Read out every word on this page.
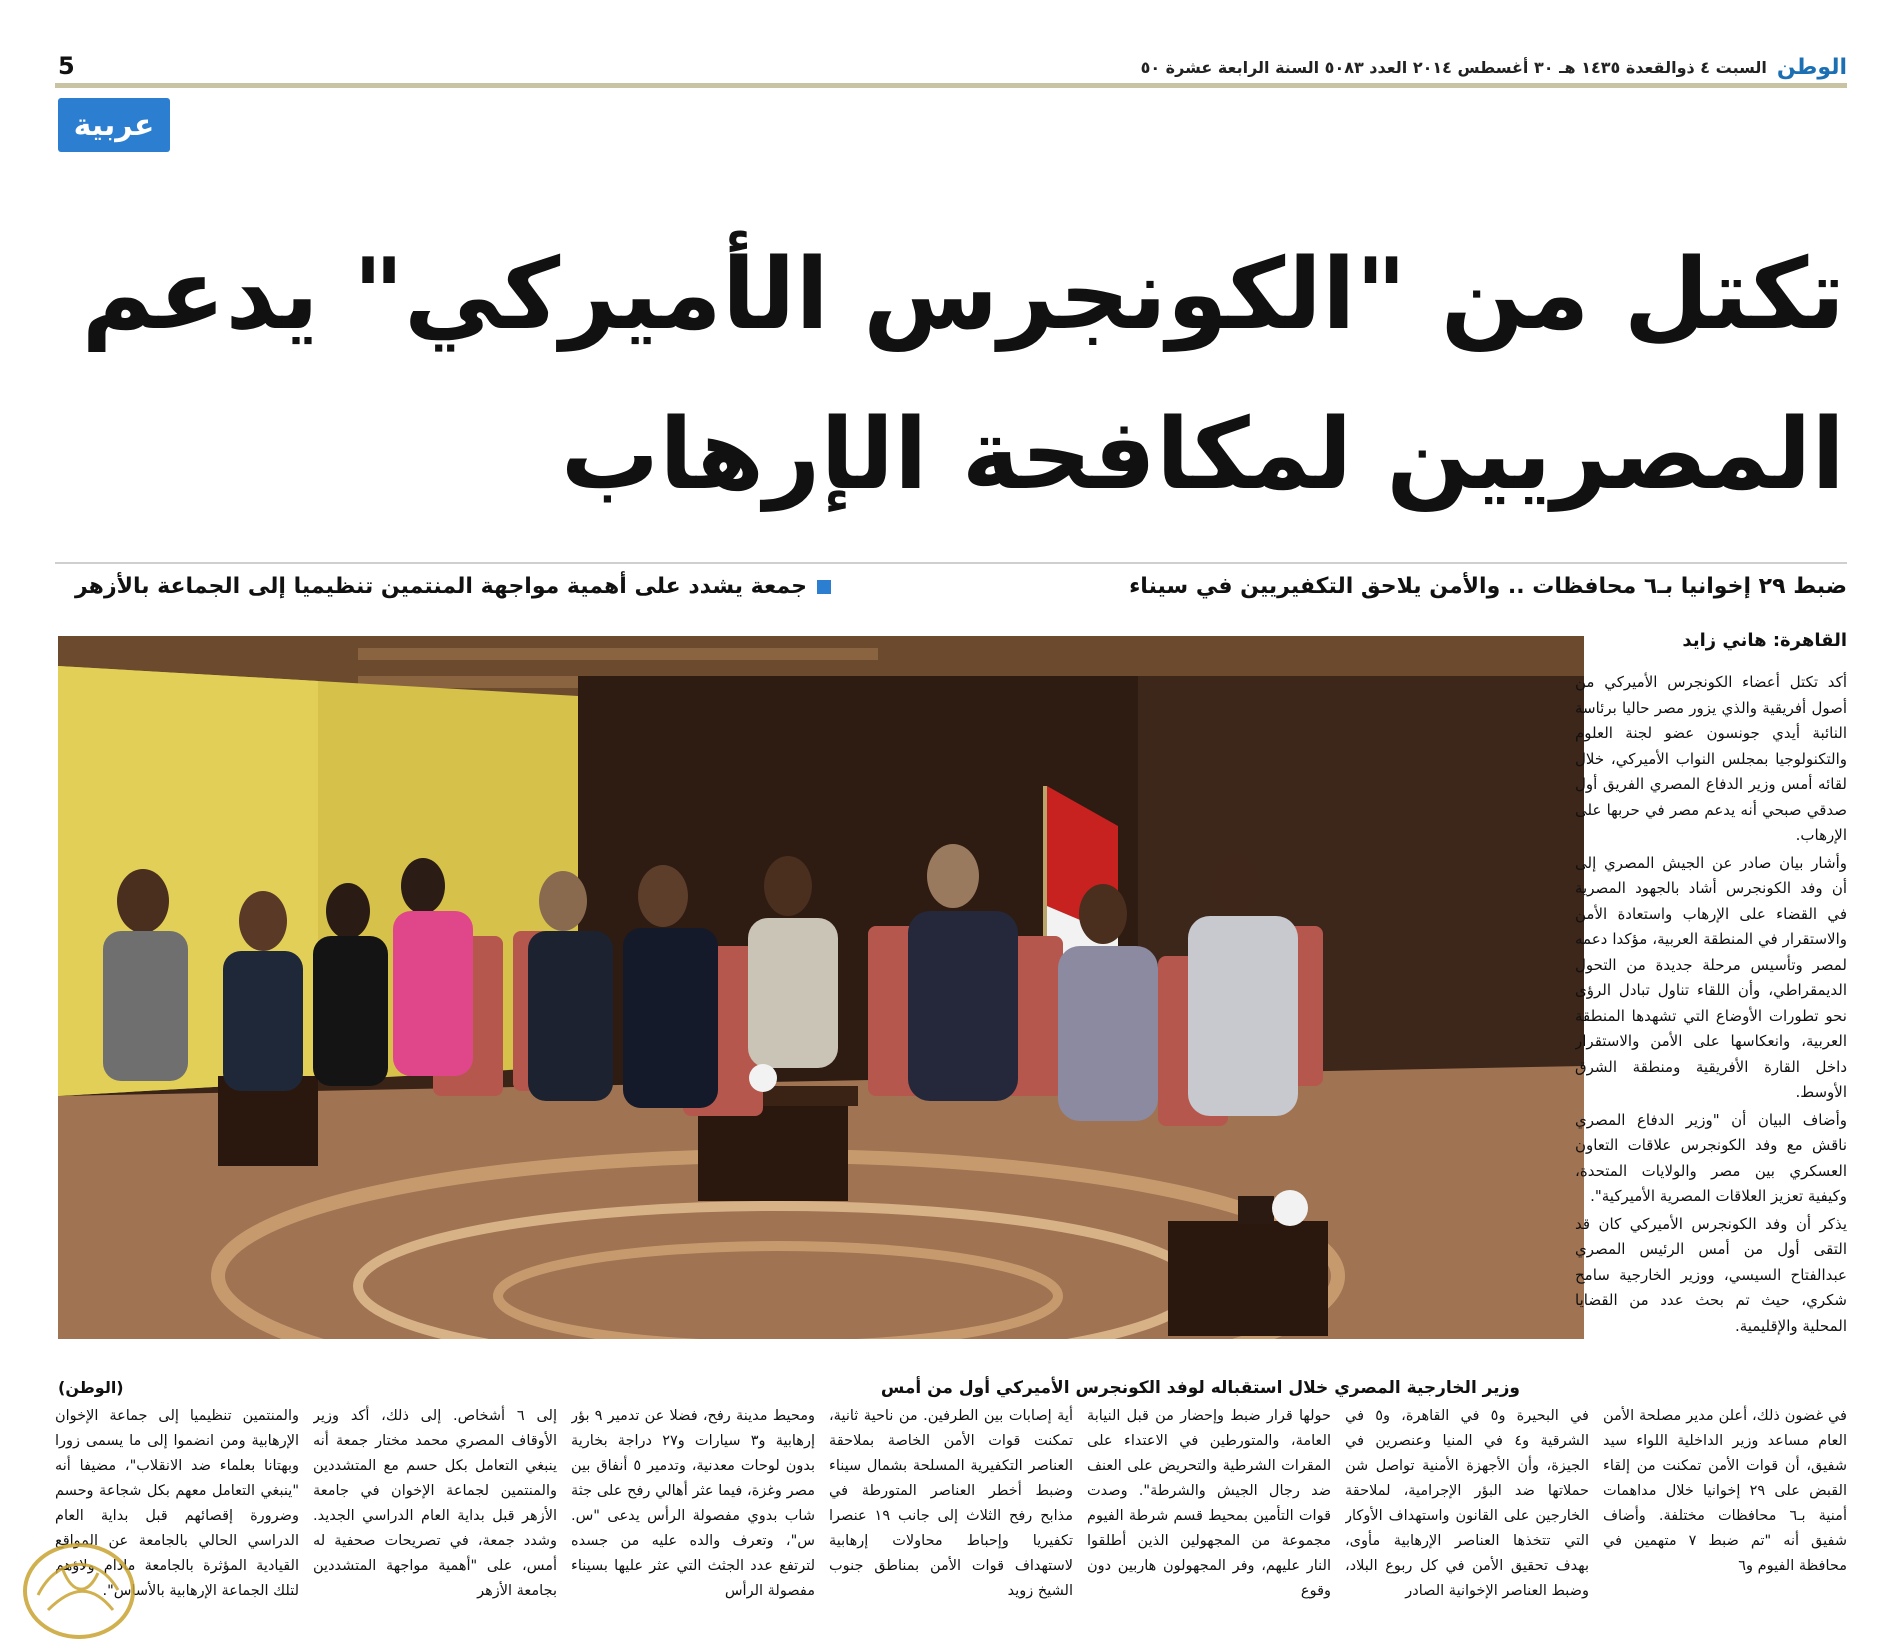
5	الوطن
السبت ٤ ذوالقعدة ١٤٣٥ هـ ٣٠ أغسطس ٢٠١٤ العدد ٥٠٨٣ السنة الرابعة عشرة ٥٠
عربية
تكتل من "الكونجرس الأميركي" يدعم
المصريين لمكافحة الإرهاب
ضبط ٢٩ إخوانيا بـ٦ محافظات .. والأمن يلاحق التكفيريين في سيناء
جمعة يشدد على أهمية مواجهة المنتمين تنظيميا إلى الجماعة بالأزهر
القاهرة: هاني زايد

أكد تكتل أعضاء الكونجرس الأميركي من أصول أفريقية والذي يزور مصر حاليا برئاسة النائبة أيدي جونسون عضو لجنة العلوم والتكنولوجيا بمجلس النواب الأميركي، خلال لقائه أمس وزير الدفاع المصري الفريق أول صدقي صبحي أنه يدعم مصر في حربها على الإرهاب.

وأشار بيان صادر عن الجيش المصري إلى أن وفد الكونجرس أشاد بالجهود المصرية في القضاء على الإرهاب واستعادة الأمن والاستقرار في المنطقة العربية، مؤكدا دعمه لمصر وتأسيس مرحلة جديدة من التحول الديمقراطي، وأن اللقاء تناول تبادل الرؤى نحو تطورات الأوضاع التي تشهدها المنطقة العربية، وانعكاسها على الأمن والاستقرار داخل القارة الأفريقية ومنطقة الشرق الأوسط.

وأضاف البيان أن "وزير الدفاع المصري ناقش مع وفد الكونجرس علاقات التعاون العسكري بين مصر والولايات المتحدة، وكيفية تعزيز العلاقات المصرية الأميركية".

يذكر أن وفد الكونجرس الأميركي كان قد التقى أول من أمس الرئيس المصري عبدالفتاح السيسي، ووزير الخارجية سامح شكري، حيث تم بحث عدد من القضايا المحلية والإقليمية.

وزير الخارجية المصري خلال استقباله لوفد الكونجرس الأميركي أول من أمس
(الوطن)

في غضون ذلك، أعلن مدير مصلحة الأمن العام مساعد وزير الداخلية اللواء سيد شفيق، أن قوات الأمن تمكنت من إلقاء القبض على ٢٩ إخوانيا خلال مداهمات أمنية بـ٦ محافظات مختلفة. وأضاف شفيق أنه "تم ضبط ٧ متهمين في محافظة الفيوم و٦

في البحيرة و٥ في القاهرة، و٥ في الشرقية و٤ في المنيا وعنصرين في الجيزة، وأن الأجهزة الأمنية تواصل شن حملاتها ضد البؤر الإجرامية، لملاحقة الخارجين على القانون واستهداف الأوكار التي تتخذها العناصر الإرهابية مأوى، بهدف تحقيق الأمن في كل ربوع البلاد، وضبط العناصر الإخوانية الصادر

حولها قرار ضبط وإحضار من قبل النيابة العامة، والمتورطين في الاعتداء على المقرات الشرطية والتحريض على العنف ضد رجال الجيش والشرطة". وصدت قوات التأمين بمحيط قسم شرطة الفيوم مجموعة من المجهولين الذين أطلقوا النار عليهم، وفر المجهولون هاربين دون وقوع

أية إصابات بين الطرفين. من ناحية ثانية، تمكنت قوات الأمن الخاصة بملاحقة العناصر التكفيرية المسلحة بشمال سيناء وضبط أخطر العناصر المتورطة في مذابح رفح الثلاث إلى جانب ١٩ عنصرا تكفيريا وإحباط محاولات إرهابية لاستهداف قوات الأمن بمناطق جنوب الشيخ زويد

ومحيط مدينة رفح، فضلا عن تدمير ٩ بؤر إرهابية و٣ سيارات و٢٧ دراجة بخارية بدون لوحات معدنية، وتدمير ٥ أنفاق بين مصر وغزة، فيما عثر أهالي رفح على جثة شاب بدوي مفصولة الرأس يدعى "س. س"، وتعرف والده عليه من جسده لترتفع عدد الجثث التي عثر عليها بسيناء مفصولة الرأس

إلى ٦ أشخاص. إلى ذلك، أكد وزير الأوقاف المصري محمد مختار جمعة أنه ينبغي التعامل بكل حسم مع المتشددين والمنتمين لجماعة الإخوان في جامعة الأزهر قبل بداية العام الدراسي الجديد. وشدد جمعة، في تصريحات صحفية له أمس، على "أهمية مواجهة المتشددين بجامعة الأزهر

والمنتمين تنظيميا إلى جماعة الإخوان الإرهابية ومن انضموا إلى ما يسمى زورا وبهتانا بعلماء ضد الانقلاب"، مضيفا أنه "ينبغي التعامل معهم بكل شجاعة وحسم وضرورة إقصائهم قبل بداية العام الدراسي الحالي بالجامعة عن المواقع القيادية المؤثرة بالجامعة مادام ولاؤهم لتلك الجماعة الإرهابية بالأساس".
